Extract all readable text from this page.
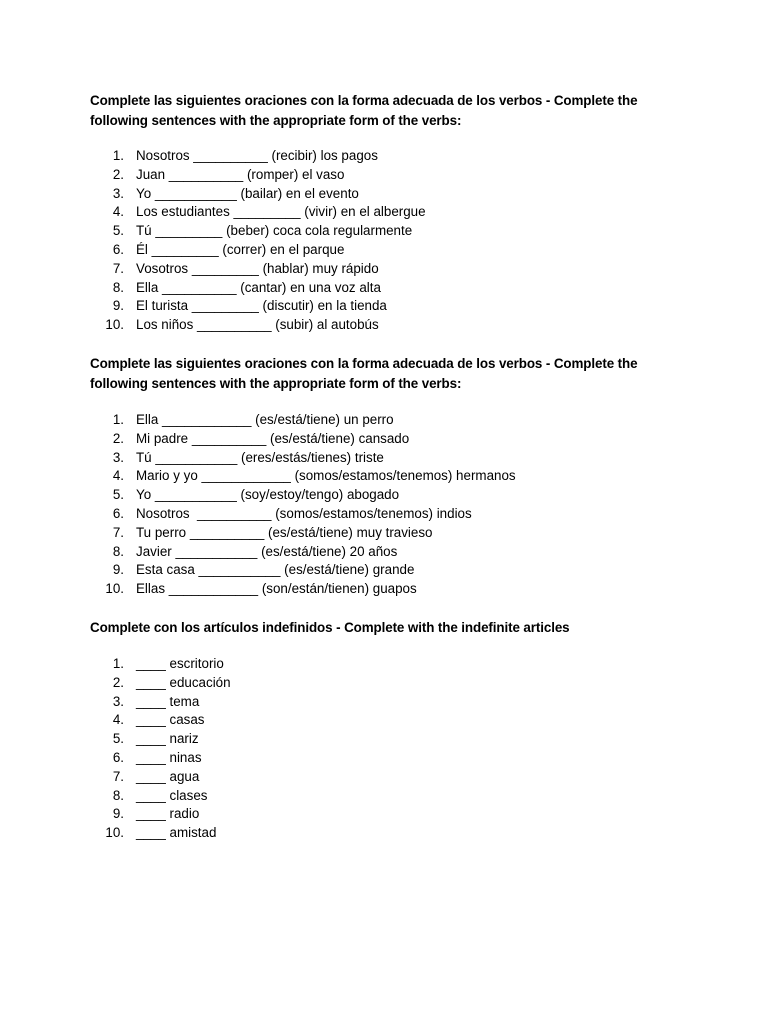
Complete las siguientes oraciones con la forma adecuada de los verbos - Complete the following sentences with the appropriate form of the verbs:

1. Nosotros __________ (recibir) los pagos
2. Juan __________ (romper) el vaso
3. Yo ___________ (bailar) en el evento
4. Los estudiantes _________ (vivir) en el albergue
5. Tú _________ (beber) coca cola regularmente
6. Él _________ (correr) en el parque
7. Vosotros _________ (hablar) muy rápido
8. Ella __________ (cantar) en una voz alta
9. El turista _________ (discutir) en la tienda
10. Los niños __________ (subir) al autobús

Complete las siguientes oraciones con la forma adecuada de los verbos - Complete the following sentences with the appropriate form of the verbs:

1. Ella ____________ (es/está/tiene) un perro
2. Mi padre __________ (es/está/tiene) cansado
3. Tú ___________ (eres/estás/tienes) triste
4. Mario y yo ____________ (somos/estamos/tenemos) hermanos
5. Yo ___________ (soy/estoy/tengo) abogado
6. Nosotros  __________ (somos/estamos/tenemos) indios
7. Tu perro __________ (es/está/tiene) muy travieso
8. Javier ___________ (es/está/tiene) 20 años
9. Esta casa ___________ (es/está/tiene) grande
10. Ellas ____________ (son/están/tienen) guapos

Complete con los artículos indefinidos - Complete with the indefinite articles

1. ____ escritorio
2. ____ educación
3. ____ tema
4. ____ casas
5. ____ nariz
6. ____ ninas
7. ____ agua
8. ____ clases
9. ____ radio
10. ____ amistad
